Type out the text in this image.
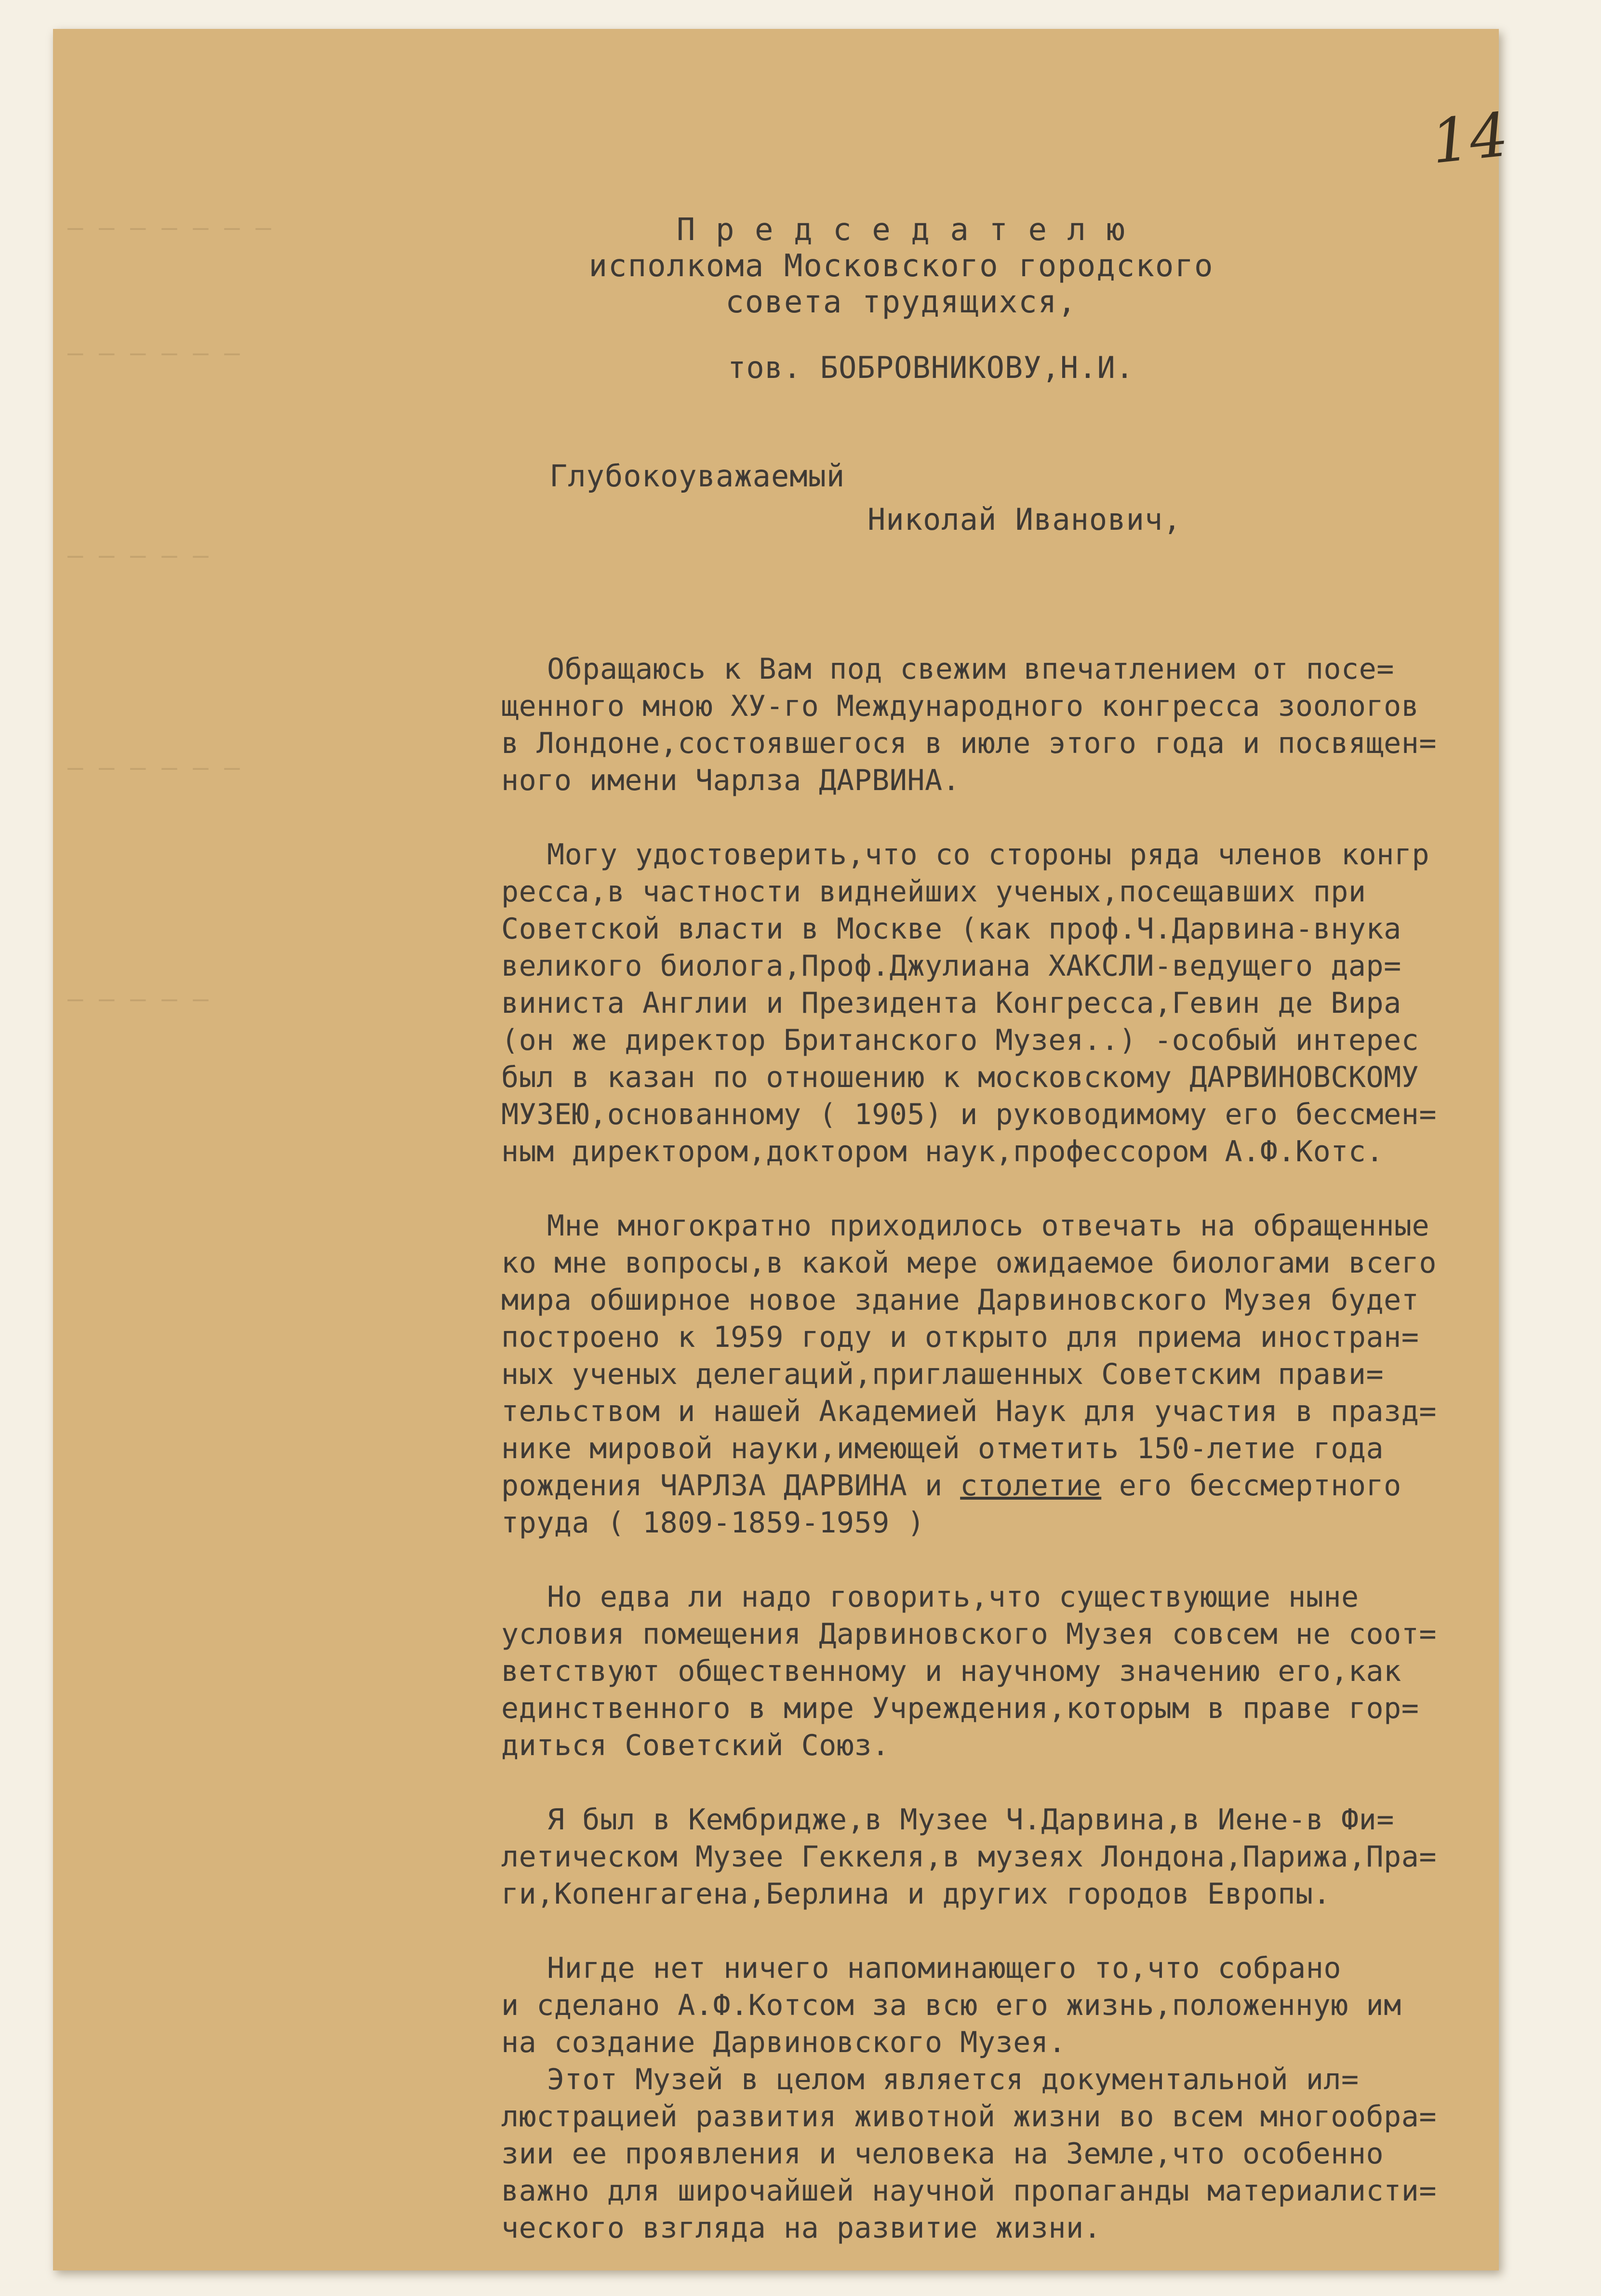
14
— — — — — — —
— — — — — —
— — — — —
— — — — — —
— — — — —
П р е д с е д а т е л ю
исполкома Московского городского
совета трудящихся,
тов. БОБРОВНИКОВУ,Н.И.
Глубокоуважаемый
Николай Иванович,
Обращаюсь к Вам под свежим впечатлением от посе=
щенного мною ХУ-го Международного конгресса зоологов
в Лондоне,состоявшегося в июле этого года и посвящен=
ного имени Чарлза ДАРВИНА.
Могу удостоверить,что со стороны ряда членов конгр
ресса,в частности виднейших ученых,посещавших при
Советской власти в Москве (как проф.Ч.Дарвина-внука
великого биолога,Проф.Джулиана ХАКСЛИ-ведущего дар=
виниста Англии и Президента Конгресса,Гевин де Вира
(он же директор Британского Музея..) -особый интерес
был в казан по отношению к московскому ДАРВИНОВСКОМУ
МУЗЕЮ,основанному ( 1905) и руководимому его бессмен=
ным директором,доктором наук,профессором А.Ф.Котс.
Мне многократно приходилось отвечать на обращенные
ко мне вопросы,в какой мере ожидаемое биологами всего
мира обширное новое здание Дарвиновского Музея будет
построено к 1959 году и открыто для приема иностран=
ных ученых делегаций,приглашенных Советским прави=
тельством и нашей Академией Наук для участия в празд=
нике мировой науки,имеющей отметить 150-летие года
рождения ЧАРЛЗА ДАРВИНА и столетие его бессмертного
труда ( 1809-1859-1959 )
Но едва ли надо говорить,что существующие ныне
условия помещения Дарвиновского Музея совсем не соот=
ветствуют общественному и научному значению его,как
единственного в мире Учреждения,которым в праве гор=
диться Советский Союз.
Я был в Кембридже,в Музее Ч.Дарвина,в Иене-в Фи=
летическом Музее Геккеля,в музеях Лондона,Парижа,Пра=
ги,Копенгагена,Берлина и других городов Европы.
Нигде нет ничего напоминающего то,что собрано
и сделано А.Ф.Котсом за всю его жизнь,положенную им
на создание Дарвиновского Музея.
Этот Музей в целом является документальной ил=
люстрацией развития животной жизни во всем многообра=
зии ее проявления и человека на Земле,что особенно
важно для широчайшей научной пропаганды материалисти=
ческого взгляда на развитие жизни.
